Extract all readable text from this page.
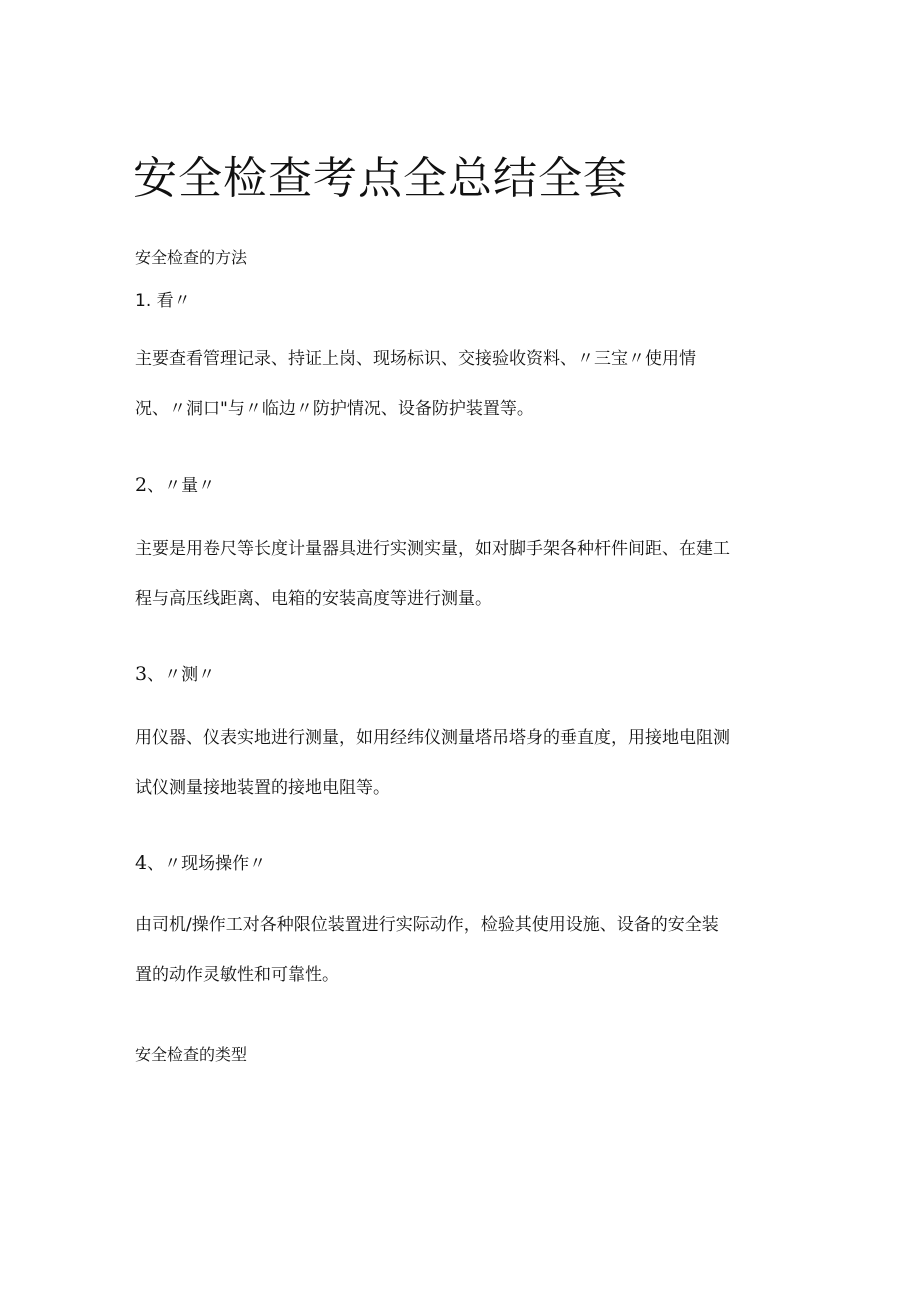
安全检查考点全总结全套
安全检查的方法
1. 看〃

主要查看管理记录、持证上岗、现场标识、交接验收资料、〃三宝〃使用情
况、〃洞口"与〃临边〃防护情况、设备防护装置等。

2、〃量〃

主要是用卷尺等长度计量器具进行实测实量，如对脚手架各种杆件间距、在建工
程与高压线距离、电箱的安装高度等进行测量。

3、〃测〃

用仪器、仪表实地进行测量，如用经纬仪测量塔吊塔身的垂直度，用接地电阻测
试仪测量接地装置的接地电阻等。

4、〃现场操作〃

由司机/操作工对各种限位装置进行实际动作，检验其使用设施、设备的安全装
置的动作灵敏性和可靠性。

安全检查的类型
